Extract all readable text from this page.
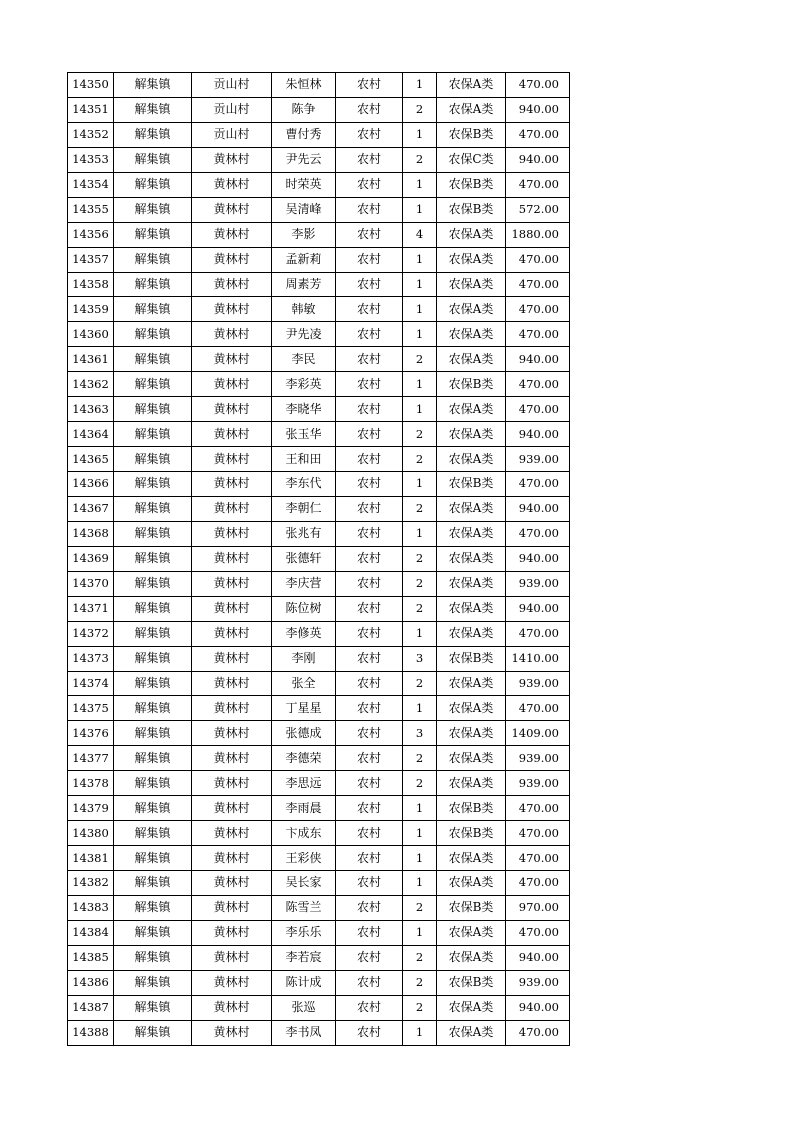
14350	解集镇	贡山村	朱恒林	农村	1	农保A类	470.00
14351	解集镇	贡山村	陈争	农村	2	农保A类	940.00
14352	解集镇	贡山村	曹付秀	农村	1	农保B类	470.00
14353	解集镇	黄林村	尹先云	农村	2	农保C类	940.00
14354	解集镇	黄林村	时荣英	农村	1	农保B类	470.00
14355	解集镇	黄林村	吴清峰	农村	1	农保B类	572.00
14356	解集镇	黄林村	李影	农村	4	农保A类	1880.00
14357	解集镇	黄林村	孟新莉	农村	1	农保A类	470.00
14358	解集镇	黄林村	周素芳	农村	1	农保A类	470.00
14359	解集镇	黄林村	韩敏	农村	1	农保A类	470.00
14360	解集镇	黄林村	尹先凌	农村	1	农保A类	470.00
14361	解集镇	黄林村	李民	农村	2	农保A类	940.00
14362	解集镇	黄林村	李彩英	农村	1	农保B类	470.00
14363	解集镇	黄林村	李晓华	农村	1	农保A类	470.00
14364	解集镇	黄林村	张玉华	农村	2	农保A类	940.00
14365	解集镇	黄林村	王和田	农村	2	农保A类	939.00
14366	解集镇	黄林村	李东代	农村	1	农保B类	470.00
14367	解集镇	黄林村	李朝仁	农村	2	农保A类	940.00
14368	解集镇	黄林村	张兆有	农村	1	农保A类	470.00
14369	解集镇	黄林村	张德轩	农村	2	农保A类	940.00
14370	解集镇	黄林村	李庆营	农村	2	农保A类	939.00
14371	解集镇	黄林村	陈位树	农村	2	农保A类	940.00
14372	解集镇	黄林村	李修英	农村	1	农保A类	470.00
14373	解集镇	黄林村	李刚	农村	3	农保B类	1410.00
14374	解集镇	黄林村	张全	农村	2	农保A类	939.00
14375	解集镇	黄林村	丁星星	农村	1	农保A类	470.00
14376	解集镇	黄林村	张德成	农村	3	农保A类	1409.00
14377	解集镇	黄林村	李德荣	农村	2	农保A类	939.00
14378	解集镇	黄林村	李思远	农村	2	农保A类	939.00
14379	解集镇	黄林村	李雨晨	农村	1	农保B类	470.00
14380	解集镇	黄林村	卞成东	农村	1	农保B类	470.00
14381	解集镇	黄林村	王彩侠	农村	1	农保A类	470.00
14382	解集镇	黄林村	吴长家	农村	1	农保A类	470.00
14383	解集镇	黄林村	陈雪兰	农村	2	农保B类	970.00
14384	解集镇	黄林村	李乐乐	农村	1	农保A类	470.00
14385	解集镇	黄林村	李若宸	农村	2	农保A类	940.00
14386	解集镇	黄林村	陈计成	农村	2	农保B类	939.00
14387	解集镇	黄林村	张巡	农村	2	农保A类	940.00
14388	解集镇	黄林村	李书凤	农村	1	农保A类	470.00
